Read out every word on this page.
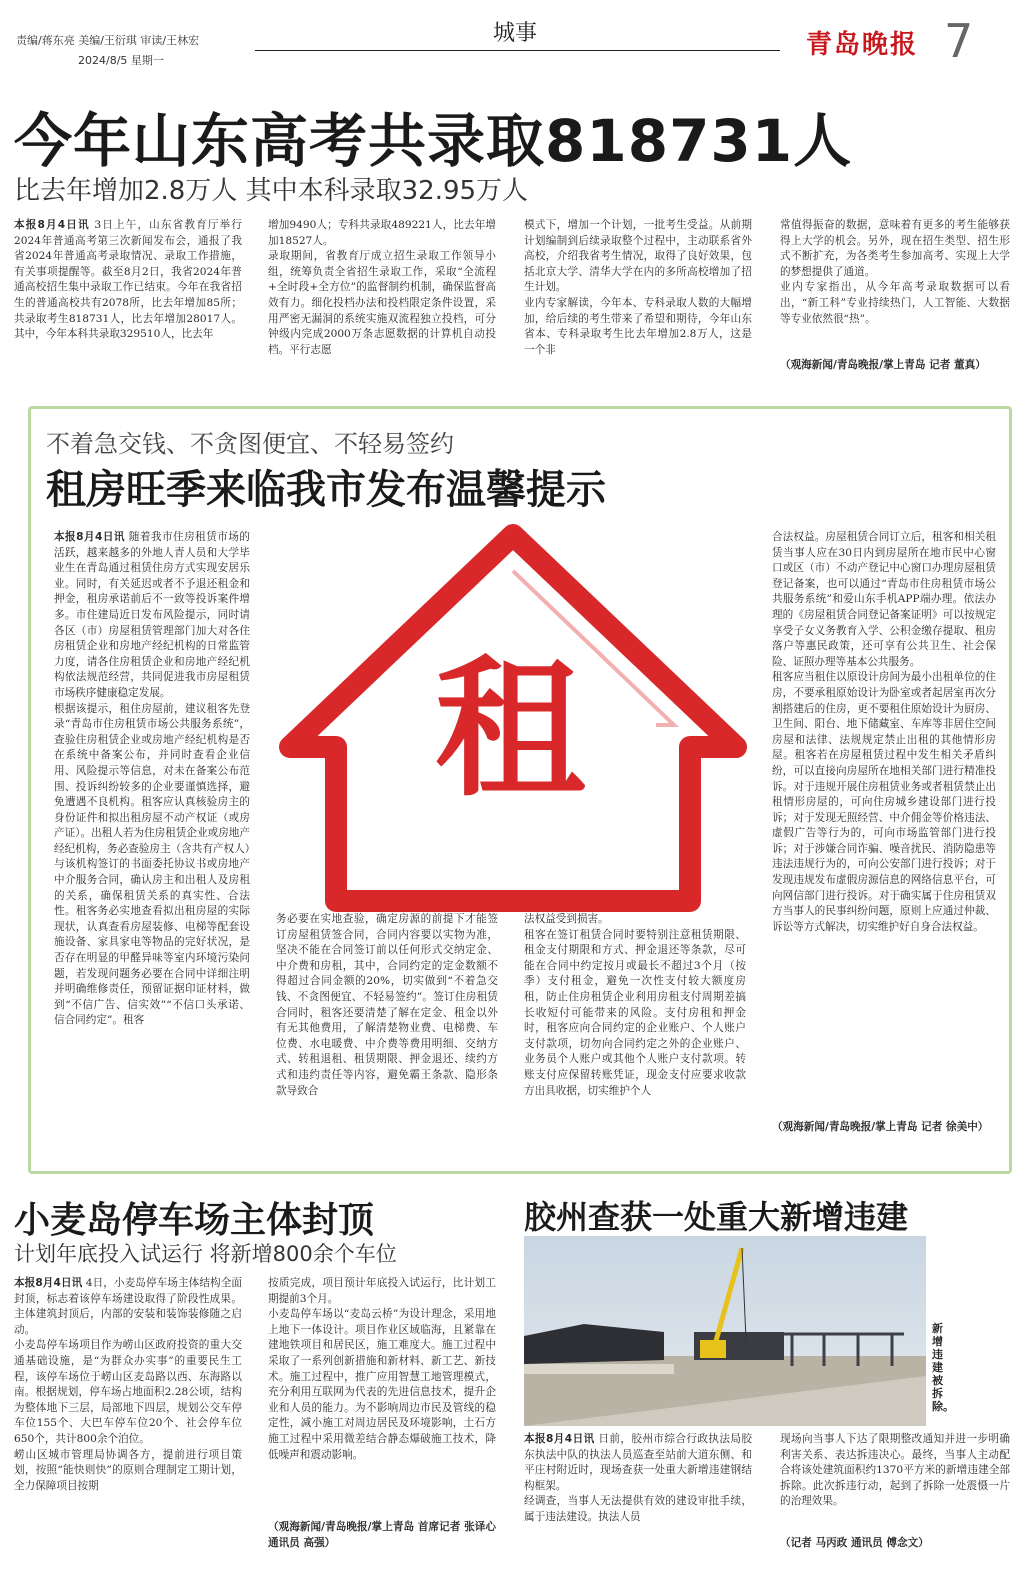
责编/蒋东亮 美编/王衍琪 审读/王林宏
2024/8/5 星期一
城事	青岛晚报 7
今年山东高考共录取818731人
比去年增加2.8万人 其中本科录取32.95万人
本报8月4日讯 3日上午，山东省教育厅举行2024年普通高考第三次新闻发布会，通报了我省2024年普通高考录取情况、录取工作措施，有关事项提醒等。截至8月2日，我省2024年普通高校招生集中录取工作已结束。今年在我省招生的普通高校共有2078所，比去年增加85所；共录取考生818731人，比去年增加28017人。其中，今年本科共录取329510人，比去年
增加9490人；专科共录取489221人，比去年增加18527人。
录取期间，省教育厅成立招生录取工作领导小组，统筹负责全省招生录取工作，采取“全流程+全时段+全方位”的监督制约机制，确保监督高效有力。细化投档办法和投档限定条件设置，采用严密无漏洞的系统实施双流程独立投档，可分钟级内完成2000万条志愿数据的计算机自动投档。平行志愿
模式下，增加一个计划，一批考生受益。从前期计划编制到后续录取整个过程中，主动联系省外高校，介绍我省考生情况，取得了良好效果，包括北京大学、清华大学在内的多所高校增加了招生计划。
业内专家解读，今年本、专科录取人数的大幅增加，给后续的考生带来了希望和期待，今年山东省本、专科录取考生比去年增加2.8万人，这是一个非
常值得振奋的数据，意味着有更多的考生能够获得上大学的机会。另外，现在招生类型、招生形式不断扩充，为各类考生参加高考、实现上大学的梦想提供了通道。
业内专家指出，从今年高考录取数据可以看出，“新工科”专业持续热门，人工智能、大数据等专业依然很“热”。
（观海新闻/青岛晚报/掌上青岛 记者 董真）
不着急交钱、不贪图便宜、不轻易签约
租房旺季来临我市发布温馨提示
租
本报8月4日讯 随着我市住房租赁市场的活跃，越来越多的外地人青人员和大学毕业生在青岛通过租赁住房方式实现安居乐业。同时，有关延迟或者不予退还租金和押金，租房承诺前后不一致等投诉案件增多。市住建局近日发布风险提示，同时请各区（市）房屋租赁管理部门加大对各住房租赁企业和房地产经纪机构的日常监管力度，请各住房租赁企业和房地产经纪机构依法规范经营，共同促进我市房屋租赁市场秩序健康稳定发展。
根据该提示，租住房屋前，建议租客先登录“青岛市住房租赁市场公共服务系统”，查验住房租赁企业或房地产经纪机构是否在系统中备案公布，并同时查看企业信用、风险提示等信息，对未在备案公布范围、投诉纠纷较多的企业要谨慎选择，避免遭遇不良机构。租客应认真核验房主的身份证件和拟出租房屋不动产权证（或房产证）。出租人若为住房租赁企业或房地产经纪机构，务必查验房主（含共有产权人）与该机构签订的书面委托协议书或房地产中介服务合同，确认房主和出租人及房租的关系，确保租赁关系的真实性、合法性。租客务必实地查看拟出租房屋的实际现状，认真查看房屋装修、电梯等配套设施设备、家具家电等物品的完好状况，是否存在明显的甲醛异味等室内环境污染问题，若发现问题务必要在合同中详细注明并明确维修责任，预留证据印证材料，做到“不信广告、信实效”“不信口头承诺、信合同约定”。租客
务必要在实地查验，确定房源的前提下才能签订房屋租赁签合同，合同内容要以实物为准，坚决不能在合同签订前以任何形式交纳定金、中介费和房租，其中，合同约定的定金数额不得超过合同金额的20%，切实做到“不着急交钱、不贪图便宜、不轻易签约”。签订住房租赁合同时，租客还要清楚了解在定金、租金以外有无其他费用，了解清楚物业费、电梯费、车位费、水电暖费、中介费等费用明细、交纳方式、转租退租、租赁期限、押金退还、续约方式和违约责任等内容，避免霸王条款、隐形条款导致合
法权益受到损害。
租客在签订租赁合同时要特别注意租赁期限、租金支付期限和方式、押金退还等条款，尽可能在合同中约定按月或最长不超过3个月（按季）支付租金，避免一次性支付较大额度房租，防止住房租赁企业利用房租支付周期差搞长收短付可能带来的风险。支付房租和押金时，租客应向合同约定的企业账户、个人账户支付款项，切勿向合同约定之外的企业账户、业务员个人账户或其他个人账户支付款项。转账支付应保留转账凭证，现金支付应要求收款方出具收据，切实维护个人
合法权益。房屋租赁合同订立后，租客和相关租赁当事人应在30日内到房屋所在地市民中心窗口或区（市）不动产登记中心窗口办理房屋租赁登记备案，也可以通过“青岛市住房租赁市场公共服务系统”和爱山东手机APP端办理。依法办理的《房屋租赁合同登记备案证明》可以按规定享受子女义务教育入学、公积金缴存提取、租房落户等惠民政策，还可享有公共卫生、社会保险、证照办理等基本公共服务。
租客应当租住以原设计房间为最小出租单位的住房，不要承租原始设计为卧室或者起居室再次分割搭建后的住房，更不要租住原始设计为厨房、卫生间、阳台、地下储藏室、车库等非居住空间房屋和法律、法规规定禁止出租的其他情形房屋。租客若在房屋租赁过程中发生相关矛盾纠纷，可以直接向房屋所在地相关部门进行精准投诉。对于违规开展住房租赁业务或者租赁禁止出租情形房屋的，可向住房城乡建设部门进行投诉；对于发现无照经营、中介佣金等价格违法、虚假广告等行为的，可向市场监管部门进行投诉；对于涉嫌合同诈骗、噪音扰民、消防隐患等违法违规行为的，可向公安部门进行投诉；对于发现违规发布虚假房源信息的网络信息平台，可向网信部门进行投诉。对于确实属于住房租赁双方当事人的民事纠纷问题，原则上应通过仲裁、诉讼等方式解决，切实维护好自身合法权益。
（观海新闻/青岛晚报/掌上青岛 记者 徐美中）
小麦岛停车场主体封顶
计划年底投入试运行 将新增800余个车位
本报8月4日讯 4日，小麦岛停车场主体结构全面封顶，标志着该停车场建设取得了阶段性成果。主体建筑封顶后，内部的安装和装饰装修随之启动。
小麦岛停车场项目作为崂山区政府投资的重大交通基础设施，是“为群众办实事”的重要民生工程，该停车场位于崂山区麦岛路以西、东海路以南。根据规划，停车场占地面积2.28公顷，结构为整体地下三层，局部地下四层，规划公交车停车位155个、大巴车停车位20个、社会停车位650个，共计800余个泊位。
崂山区城市管理局协调各方，提前进行项目策划，按照“能快则快”的原则合理制定工期计划，全力保障项目按期
按质完成，项目预计年底投入试运行，比计划工期提前3个月。
小麦岛停车场以“麦岛云桥”为设计理念，采用地上地下一体设计。项目作业区域临海，且紧靠在建地铁项目和居民区，施工难度大。施工过程中采取了一系列创新措施和新材料、新工艺、新技术。施工过程中，推广应用智慧工地管理模式，充分利用互联网为代表的先进信息技术，提升企业和人员的能力。为不影响周边市民及管线的稳定性，减小施工对周边居民及环境影响，土石方施工过程中采用微差结合静态爆破施工技术，降低噪声和震动影响。
（观海新闻/青岛晚报/掌上青岛 首席记者 张译心 通讯员 高强）
胶州查获一处重大新增违建
新增违建被拆除。
本报8月4日讯 日前，胶州市综合行政执法局胶东执法中队的执法人员巡查至站前大道东侧、和平庄村附近时，现场查获一处重大新增违建钢结构框架。
经调查，当事人无法提供有效的建设审批手续，属于违法建设。执法人员
现场向当事人下达了限期整改通知并进一步明确利害关系、表达拆违决心。最终，当事人主动配合将该处建筑面积约1370平方米的新增违建全部拆除。此次拆违行动，起到了拆除一处震慑一片的治理效果。
（记者 马丙政 通讯员 傅念文）
